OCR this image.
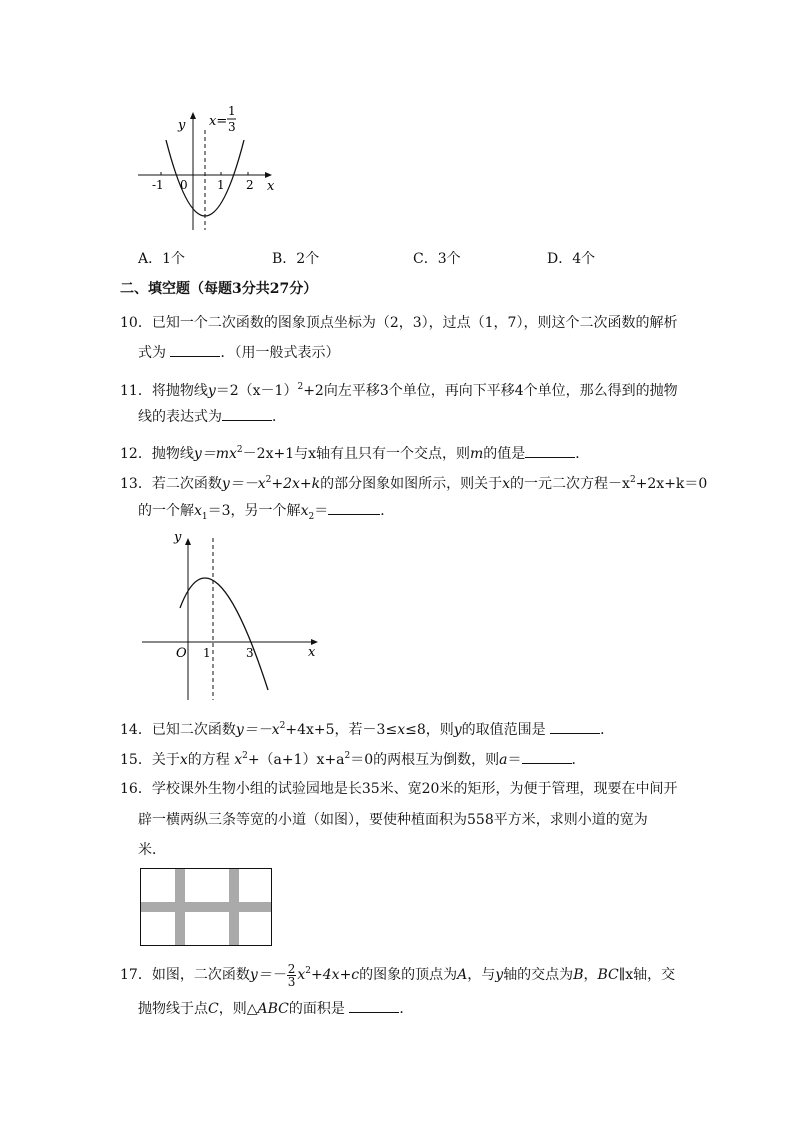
y
x
x=
1
3
-1 0 1 2
A．1个	B．2个	C．3个	D．4个
二、填空题（每题3分共27分）
10．已知一个二次函数的图象顶点坐标为（2，3），过点（1，7），则这个二次函数的解析
式为	．（用一般式表示）
11．将抛物线$y=2(x-1)^2+2$向左平移3个单位，再向下平移4个单位，那么得到的抛物
线的表达式为	．
12．抛物线$y=mx^2-2x+1$与x轴有且只有一个交点，则m的值是	．
13．若二次函数$y=-x^2+2x+k$的部分图象如图所示，则关于x的一元二次方程$-x^2+2x+k=0$
的一个解$x_1=3$，另一个解$x_2=$	．
y
x
O 1	3
14．已知二次函数$y=-x^2+4x+5$，若－3≤x≤8，则y的取值范围是	．
15．关于x的方程 $x^2+(a+1)x+a^2=0$的两根互为倒数，则a＝	．
16．学校课外生物小组的试验园地是长35米、宽20米的矩形，为便于管理，现要在中间开
辟一横两纵三条等宽的小道（如图），要使种植面积为558平方米，求则小道的宽为
米．
17．如图，二次函数$y=- \frac{2}{3} x^2+4x+c$的图象的顶点为A，与y轴的交点为B，BC∥x轴，交
抛物线于点C，则△ABC的面积是	．
